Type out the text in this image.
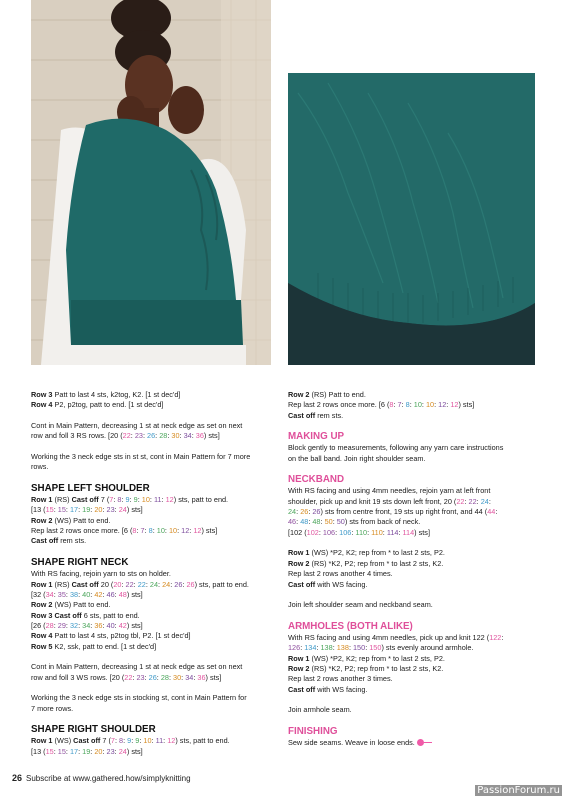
Row 3 Patt to last 4 sts, k2tog, K2. [1 st dec'd]
Row 4 P2, p2tog, patt to end. [1 st dec'd]
Cont in Main Pattern, decreasing 1 st at neck edge as set on next
row and foll 3 RS rows. [20 (22: 23: 26: 28: 30: 34: 36) sts]
Working the 3 neck edge sts in st st, cont in Main Pattern for 7 more
rows.
SHAPE LEFT SHOULDER
Row 1 (RS) Cast off 7 (7: 8: 9: 9: 10: 11: 12) sts, patt to end.
[13 (15: 15: 17: 19: 20: 23: 24) sts]
Row 2 (WS) Patt to end.
Rep last 2 rows once more. [6 (8: 7: 8: 10: 10: 12: 12) sts]
Cast off rem sts.
SHAPE RIGHT NECK
With RS facing, rejoin yarn to sts on holder.
Row 1 (RS) Cast off 20 (20: 22: 22: 24: 24: 26: 26) sts, patt to end.
[32 (34: 35: 38: 40: 42: 46: 48) sts]
Row 2 (WS) Patt to end.
Row 3 Cast off 6 sts, patt to end.
[26 (28: 29: 32: 34: 36: 40: 42) sts]
Row 4 Patt to last 4 sts, p2tog tbl, P2. [1 st dec'd]
Row 5 K2, ssk, patt to end. [1 st dec'd]
Cont in Main Pattern, decreasing 1 st at neck edge as set on next
row and foll 3 WS rows. [20 (22: 23: 26: 28: 30: 34: 36) sts]
Working the 3 neck edge sts in stocking st, cont in Main Pattern for
7 more rows.
SHAPE RIGHT SHOULDER
Row 1 (WS) Cast off 7 (7: 8: 9: 9: 10: 11: 12) sts, patt to end.
[13 (15: 15: 17: 19: 20: 23: 24) sts]
Row 2 (RS) Patt to end.
Rep last 2 rows once more. [6 (8: 7: 8: 10: 10: 12: 12) sts]
Cast off rem sts.
MAKING UP
Block gently to measurements, following any yarn care instructions
on the ball band. Join right shoulder seam.
NECKBAND
With RS facing and using 4mm needles, rejoin yarn at left front
shoulder, pick up and knit 19 sts down left front, 20 (22: 22: 24:
24: 26: 26) sts from centre front, 19 sts up right front, and 44 (44:
46: 48: 48: 50: 50) sts from back of neck.
[102 (102: 106: 106: 110: 110: 114: 114) sts]
Row 1 (WS) *P2, K2; rep from * to last 2 sts, P2.
Row 2 (RS) *K2, P2; rep from * to last 2 sts, K2.
Rep last 2 rows another 4 times.
Cast off with WS facing.
Join left shoulder seam and neckband seam.
ARMHOLES (BOTH ALIKE)
With RS facing and using 4mm needles, pick up and knit 122 (122:
126: 134: 138: 138: 150: 150) sts evenly around armhole.
Row 1 (WS) *P2, K2; rep from * to last 2 sts, P2.
Row 2 (RS) *K2, P2; rep from * to last 2 sts, K2.
Rep last 2 rows another 3 times.
Cast off with WS facing.
Join armhole seam.
FINISHING
Sew side seams. Weave in loose ends.
26 Subscribe at www.gathered.how/simplyknitting
PassionForum.ru
